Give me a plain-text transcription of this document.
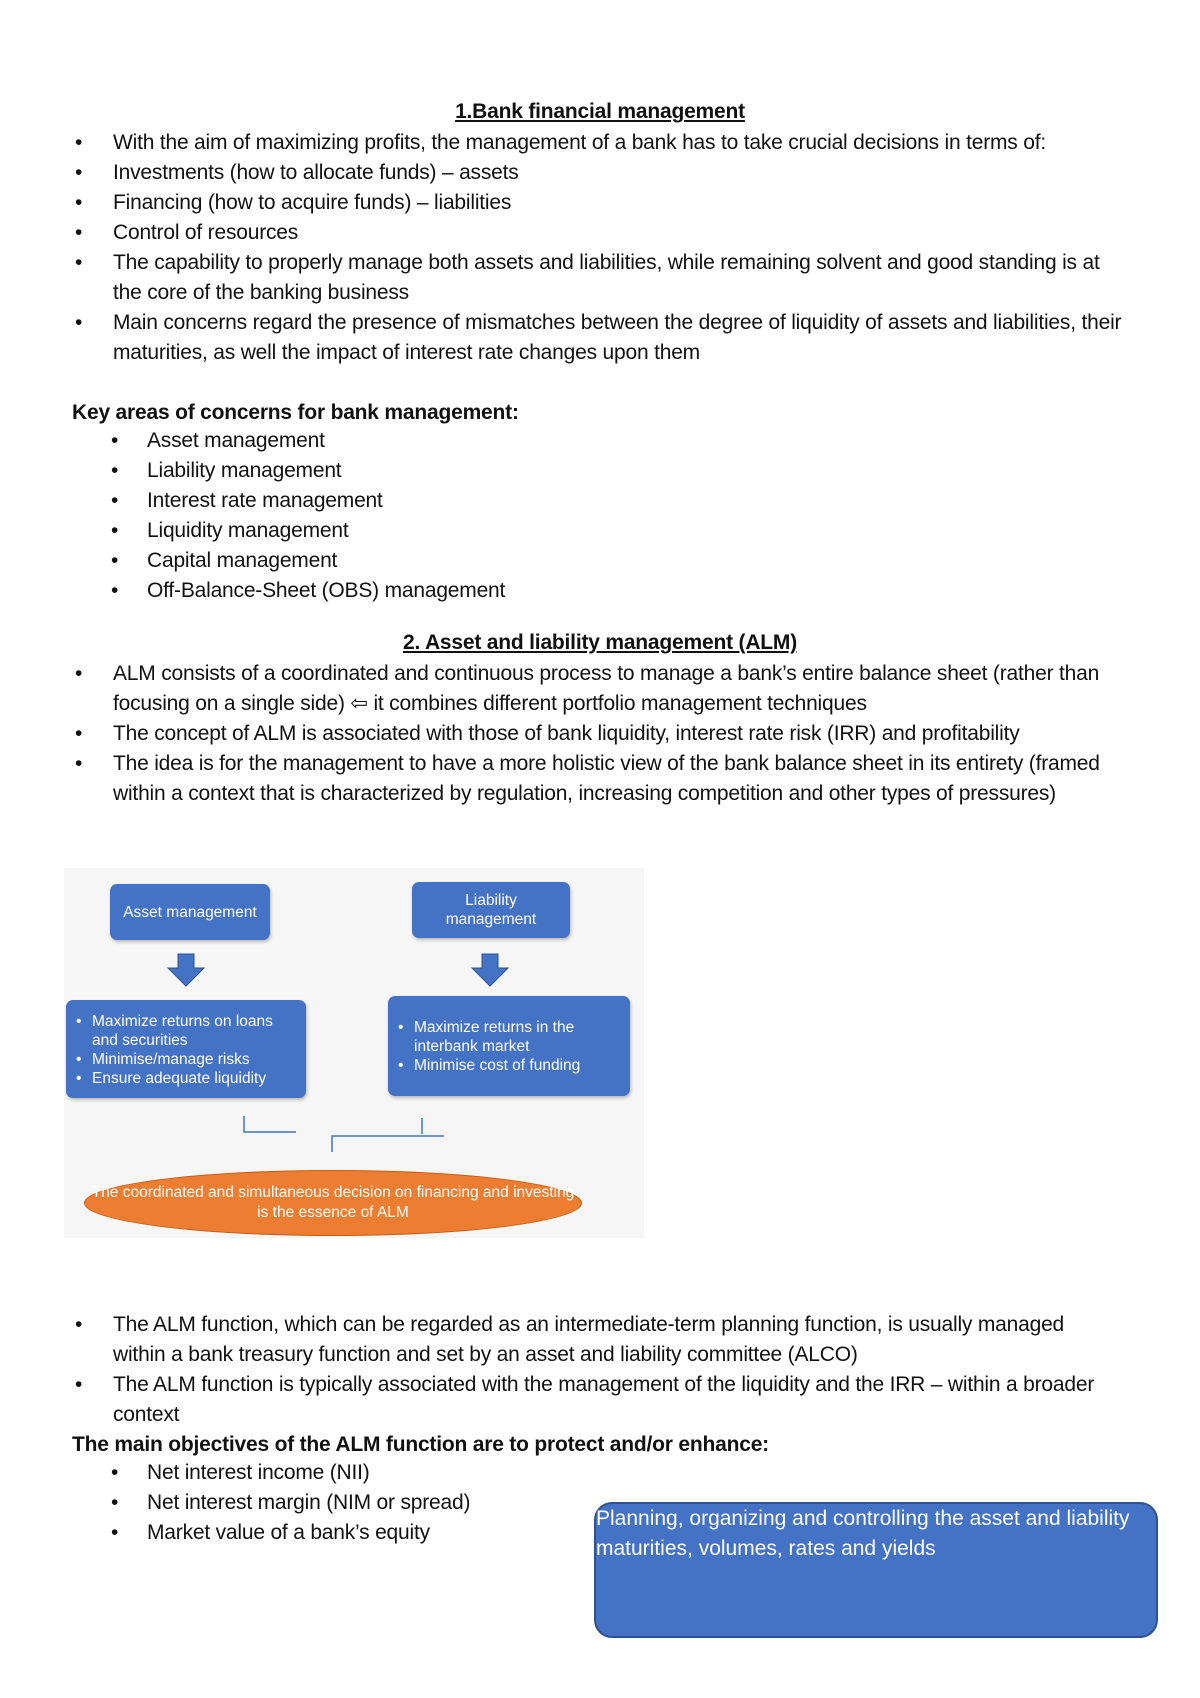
1.Bank financial management
• With the aim of maximizing profits, the management of a bank has to take crucial decisions in terms of:
• Investments (how to allocate funds) – assets
• Financing (how to acquire funds) – liabilities
• Control of resources
• The capability to properly manage both assets and liabilities, while remaining solvent and good standing is at the core of the banking business
• Main concerns regard the presence of mismatches between the degree of liquidity of assets and liabilities, their maturities, as well the impact of interest rate changes upon them
Key areas of concerns for bank management:
• Asset management
• Liability management
• Interest rate management
• Liquidity management
• Capital management
• Off-Balance-Sheet (OBS) management
2. Asset and liability management (ALM)
• ALM consists of a coordinated and continuous process to manage a bank’s entire balance sheet (rather than focusing on a single side) ⇦ it combines different portfolio management techniques
• The concept of ALM is associated with those of bank liquidity, interest rate risk (IRR) and profitability
• The idea is for the management to have a more holistic view of the bank balance sheet in its entirety (framed within a context that is characterized by regulation, increasing competition and other types of pressures)
Asset management
Liability management
• Maximize returns on loans and securities
• Minimise/manage risks
• Ensure adequate liquidity
• Maximize returns in the interbank market
• Minimise cost of funding
The coordinated and simultaneous decision on financing and investing is the essence of ALM
• The ALM function, which can be regarded as an intermediate-term planning function, is usually managed within a bank treasury function and set by an asset and liability committee (ALCO)
• The ALM function is typically associated with the management of the liquidity and the IRR – within a broader context
The main objectives of the ALM function are to protect and/or enhance:
• Net interest income (NII)
• Net interest margin (NIM or spread)
• Market value of a bank’s equity
Planning, organizing and controlling the asset and liability maturities, volumes, rates and yields
